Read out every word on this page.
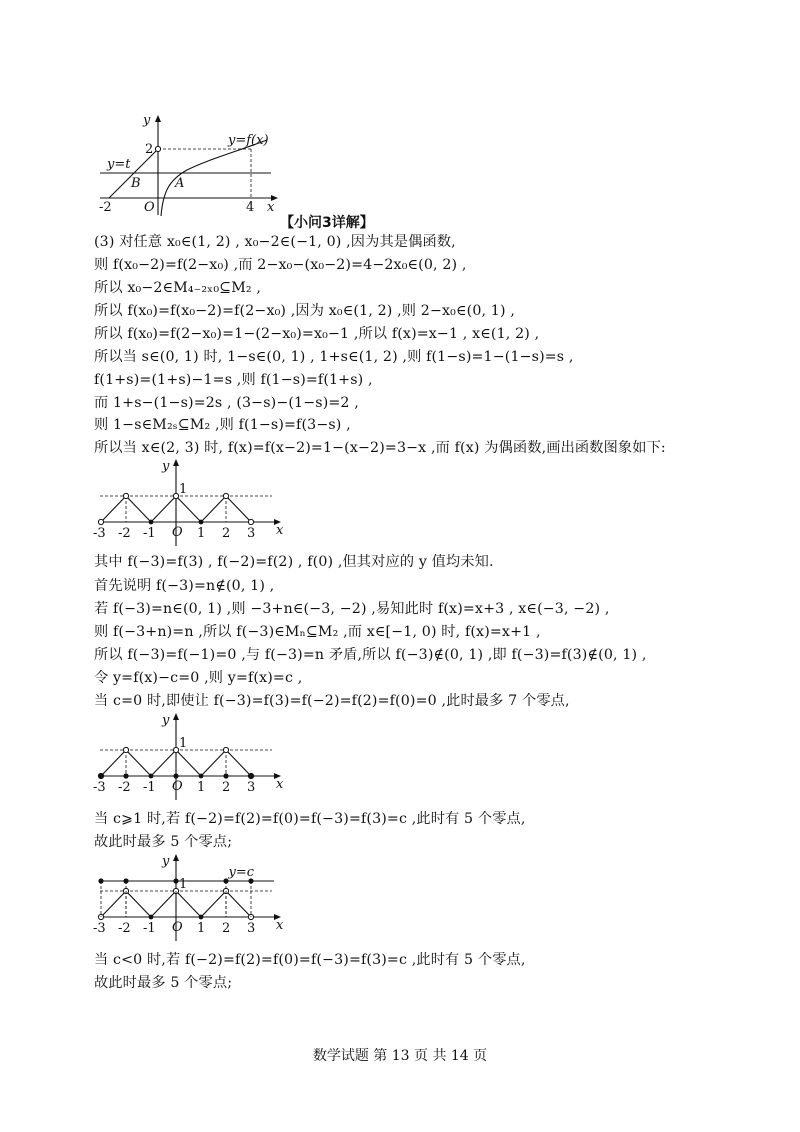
y
x
2
y=f(x)
y=t
B	A
-2 O	4
【小问3详解】
(3) 对任意 x₀∈(1, 2) , x₀−2∈(−1, 0) ,因为其是偶函数,
则 f(x₀−2)=f(2−x₀) ,而 2−x₀−(x₀−2)=4−2x₀∈(0, 2) ,
所以 x₀−2∈M₄₋₂ₓ₀⊆M₂ ,
所以 f(x₀)=f(x₀−2)=f(2−x₀) ,因为 x₀∈(1, 2) ,则 2−x₀∈(0, 1) ,
所以 f(x₀)=f(2−x₀)=1−(2−x₀)=x₀−1 ,所以 f(x)=x−1 , x∈(1, 2) ,
所以当 s∈(0, 1) 时, 1−s∈(0, 1) , 1+s∈(1, 2) ,则 f(1−s)=1−(1−s)=s ,
f(1+s)=(1+s)−1=s ,则 f(1−s)=f(1+s) ,
而 1+s−(1−s)=2s , (3−s)−(1−s)=2 ,
则 1−s∈M₂ₛ⊆M₂ ,则 f(1−s)=f(3−s) ,
所以当 x∈(2, 3) 时, f(x)=f(x−2)=1−(x−2)=3−x ,而 f(x) 为偶函数,画出函数图象如下:
y
x
1
O
-3 -2 -1	1 2 3
其中 f(−3)=f(3) , f(−2)=f(2) , f(0) ,但其对应的 y 值均未知.
首先说明 f(−3)=n∉(0, 1) ,
若 f(−3)=n∈(0, 1) ,则 −3+n∈(−3, −2) ,易知此时 f(x)=x+3 , x∈(−3, −2) ,
则 f(−3+n)=n ,所以 f(−3)∈Mₙ⊆M₂ ,而 x∈[−1, 0) 时, f(x)=x+1 ,
所以 f(−3)=f(−1)=0 ,与 f(−3)=n 矛盾,所以 f(−3)∉(0, 1) ,即 f(−3)=f(3)∉(0, 1) ,
令 y=f(x)−c=0 ,则 y=f(x)=c ,
当 c=0 时,即使让 f(−3)=f(3)=f(−2)=f(2)=f(0)=0 ,此时最多 7 个零点,
y
x
1
O
-3 -2 -1	1 2 3
当 c⩾1 时,若 f(−2)=f(2)=f(0)=f(−3)=f(3)=c ,此时有 5 个零点,
故此时最多 5 个零点;
y=c
y
x
1
O
-3 -2 -1	1 2 3
当 c<0 时,若 f(−2)=f(2)=f(0)=f(−3)=f(3)=c ,此时有 5 个零点,
故此时最多 5 个零点;
数学试题 第 13 页 共 14 页
